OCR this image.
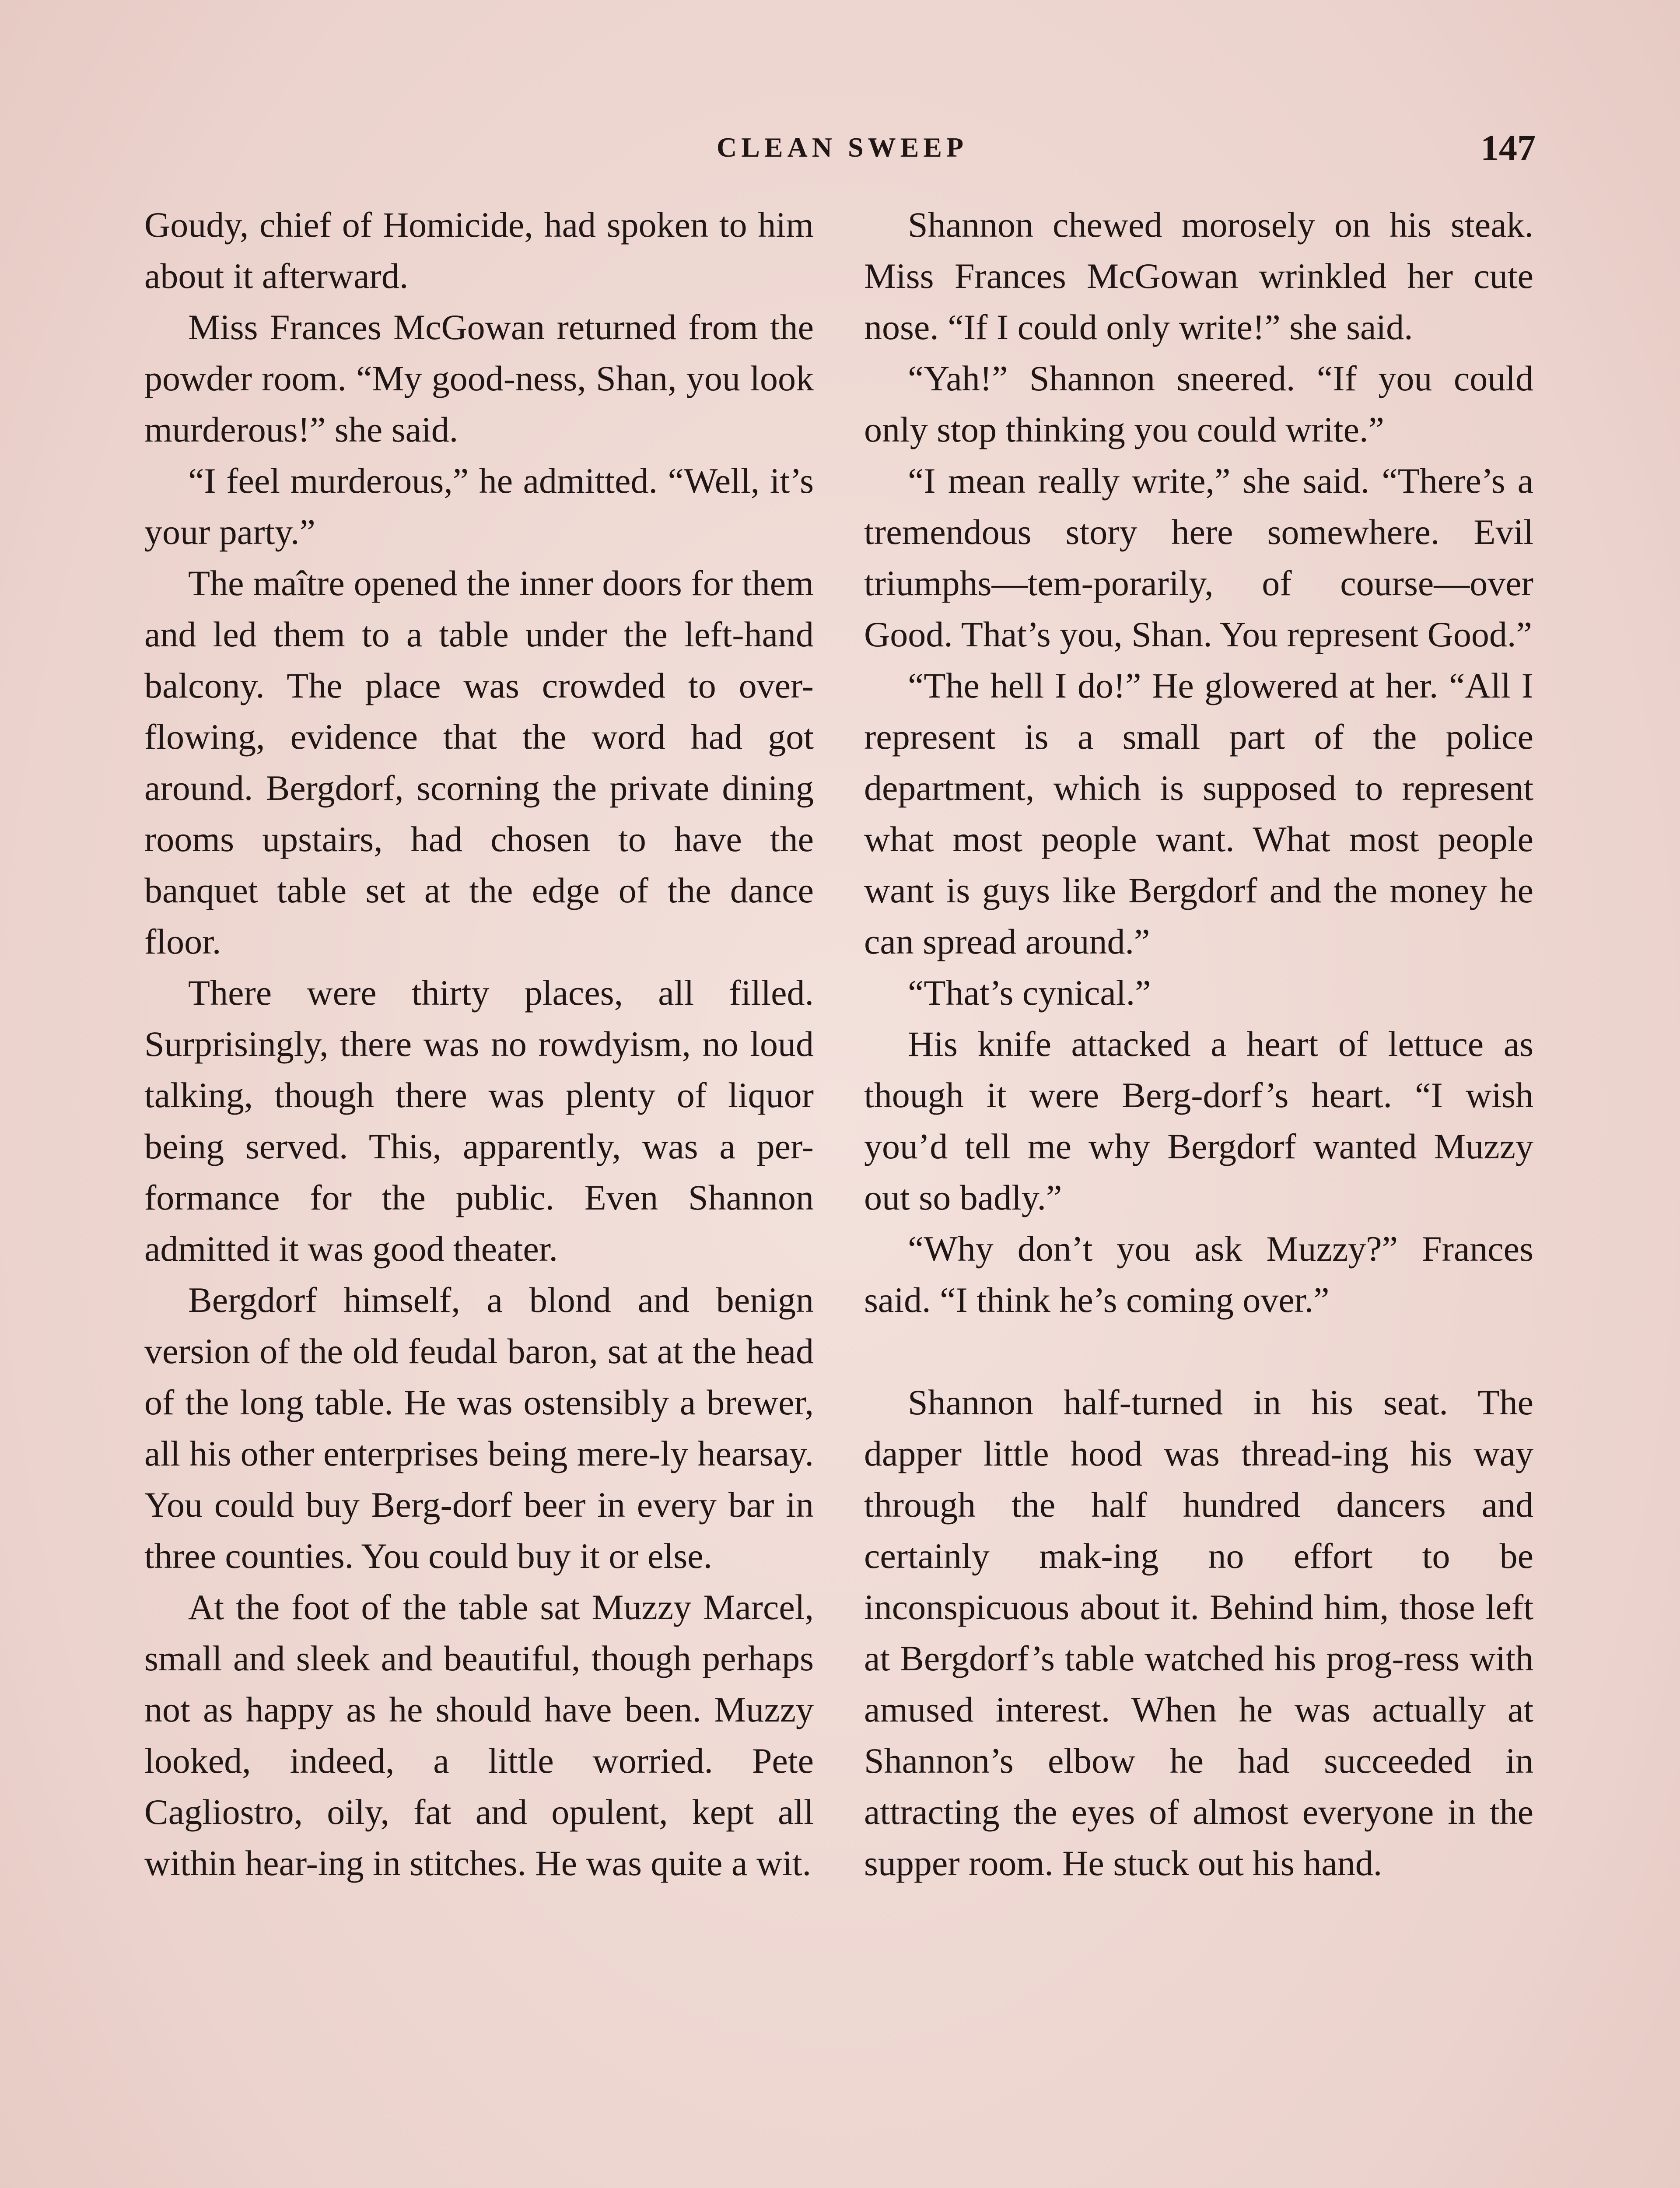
CLEAN SWEEP	147

Goudy, chief of Homicide, had spoken to him about it afterward.

Miss Frances McGowan returned from the powder room. “My good-ness, Shan, you look murderous!” she said.

“I feel murderous,” he admitted. “Well, it’s your party.”

The maître opened the inner doors for them and led them to a table under the left-hand balcony. The place was crowded to over-flowing, evidence that the word had got around. Bergdorf, scorning the private dining rooms upstairs, had chosen to have the banquet table set at the edge of the dance floor.

There were thirty places, all filled. Surprisingly, there was no rowdyism, no loud talking, though there was plenty of liquor being served. This, apparently, was a per-formance for the public. Even Shannon admitted it was good theater.

Bergdorf himself, a blond and benign version of the old feudal baron, sat at the head of the long table. He was ostensibly a brewer, all his other enterprises being mere-ly hearsay. You could buy Berg-dorf beer in every bar in three counties. You could buy it or else.

At the foot of the table sat Muzzy Marcel, small and sleek and beautiful, though perhaps not as happy as he should have been. Muzzy looked, indeed, a little worried. Pete Cagliostro, oily, fat and opulent, kept all within hear-ing in stitches. He was quite a wit.

Shannon chewed morosely on his steak. Miss Frances McGowan wrinkled her cute nose. “If I could only write!” she said.

“Yah!” Shannon sneered. “If you could only stop thinking you could write.”

“I mean really write,” she said. “There’s a tremendous story here somewhere. Evil triumphs—tem-porarily, of course—over Good. That’s you, Shan. You represent Good.”

“The hell I do!” He glowered at her. “All I represent is a small part of the police department, which is supposed to represent what most people want. What most people want is guys like Bergdorf and the money he can spread around.”

“That’s cynical.”

His knife attacked a heart of lettuce as though it were Berg-dorf’s heart. “I wish you’d tell me why Bergdorf wanted Muzzy out so badly.”

“Why don’t you ask Muzzy?” Frances said. “I think he’s coming over.”

Shannon half-turned in his seat. The dapper little hood was thread-ing his way through the half hundred dancers and certainly mak-ing no effort to be inconspicuous about it. Behind him, those left at Bergdorf’s table watched his prog-ress with amused interest. When he was actually at Shannon’s elbow he had succeeded in attracting the eyes of almost everyone in the supper room. He stuck out his hand.
